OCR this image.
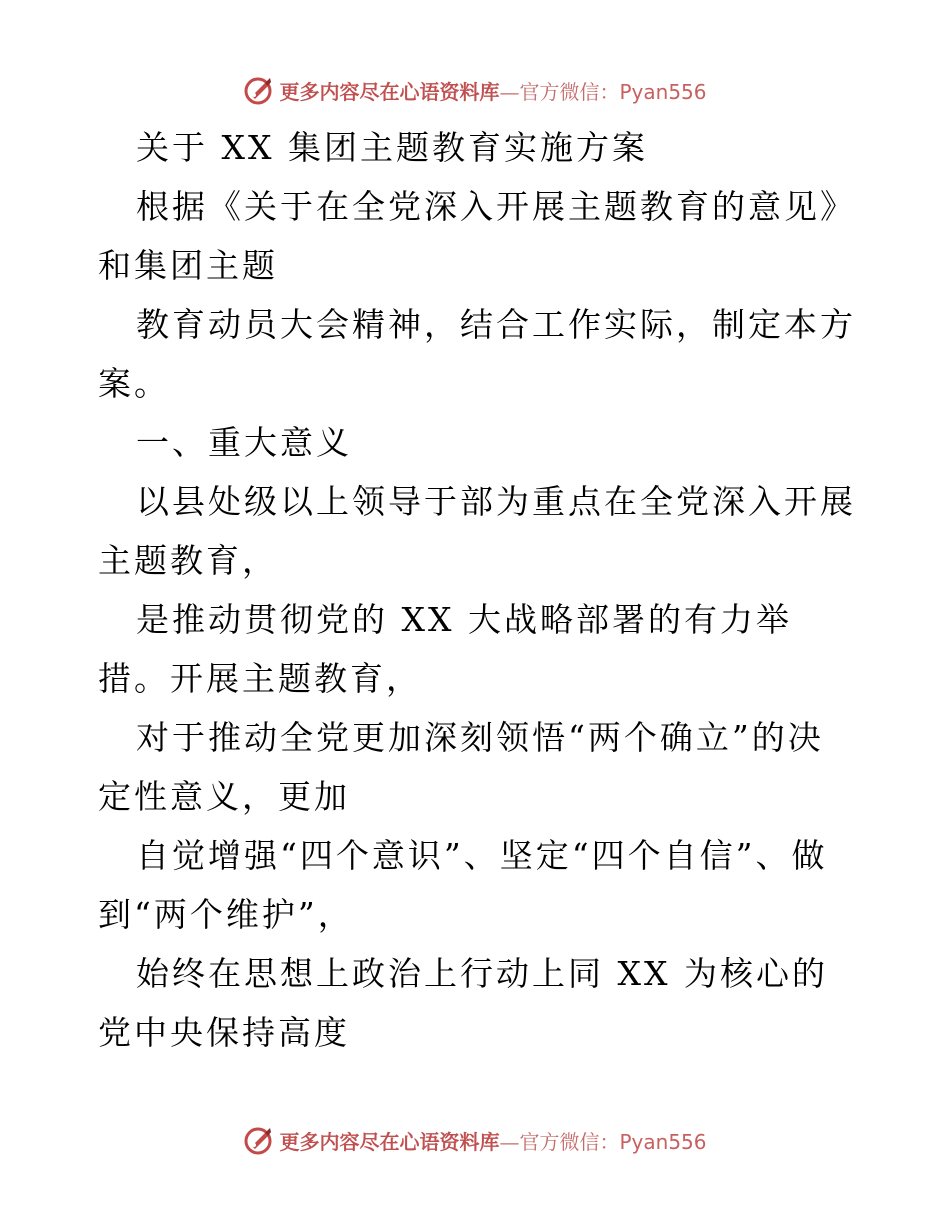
更多内容尽在心语资料库—官方微信：Pyan556

关于 XX 集团主题教育实施方案

根据《关于在全党深入开展主题教育的意见》和集团主题

教育动员大会精神，结合工作实际，制定本方案。

一、重大意义

以县处级以上领导于部为重点在全党深入开展主题教育，

是推动贯彻党的 XX 大战略部署的有力举措。开展主题教育，

对于推动全党更加深刻领悟“两个确立”的决定性意义，更加

自觉增强“四个意识”、坚定“四个自信”、做到“两个维护”，

始终在思想上政治上行动上同 XX 为核心的党中央保持高度

更多内容尽在心语资料库—官方微信：Pyan556
